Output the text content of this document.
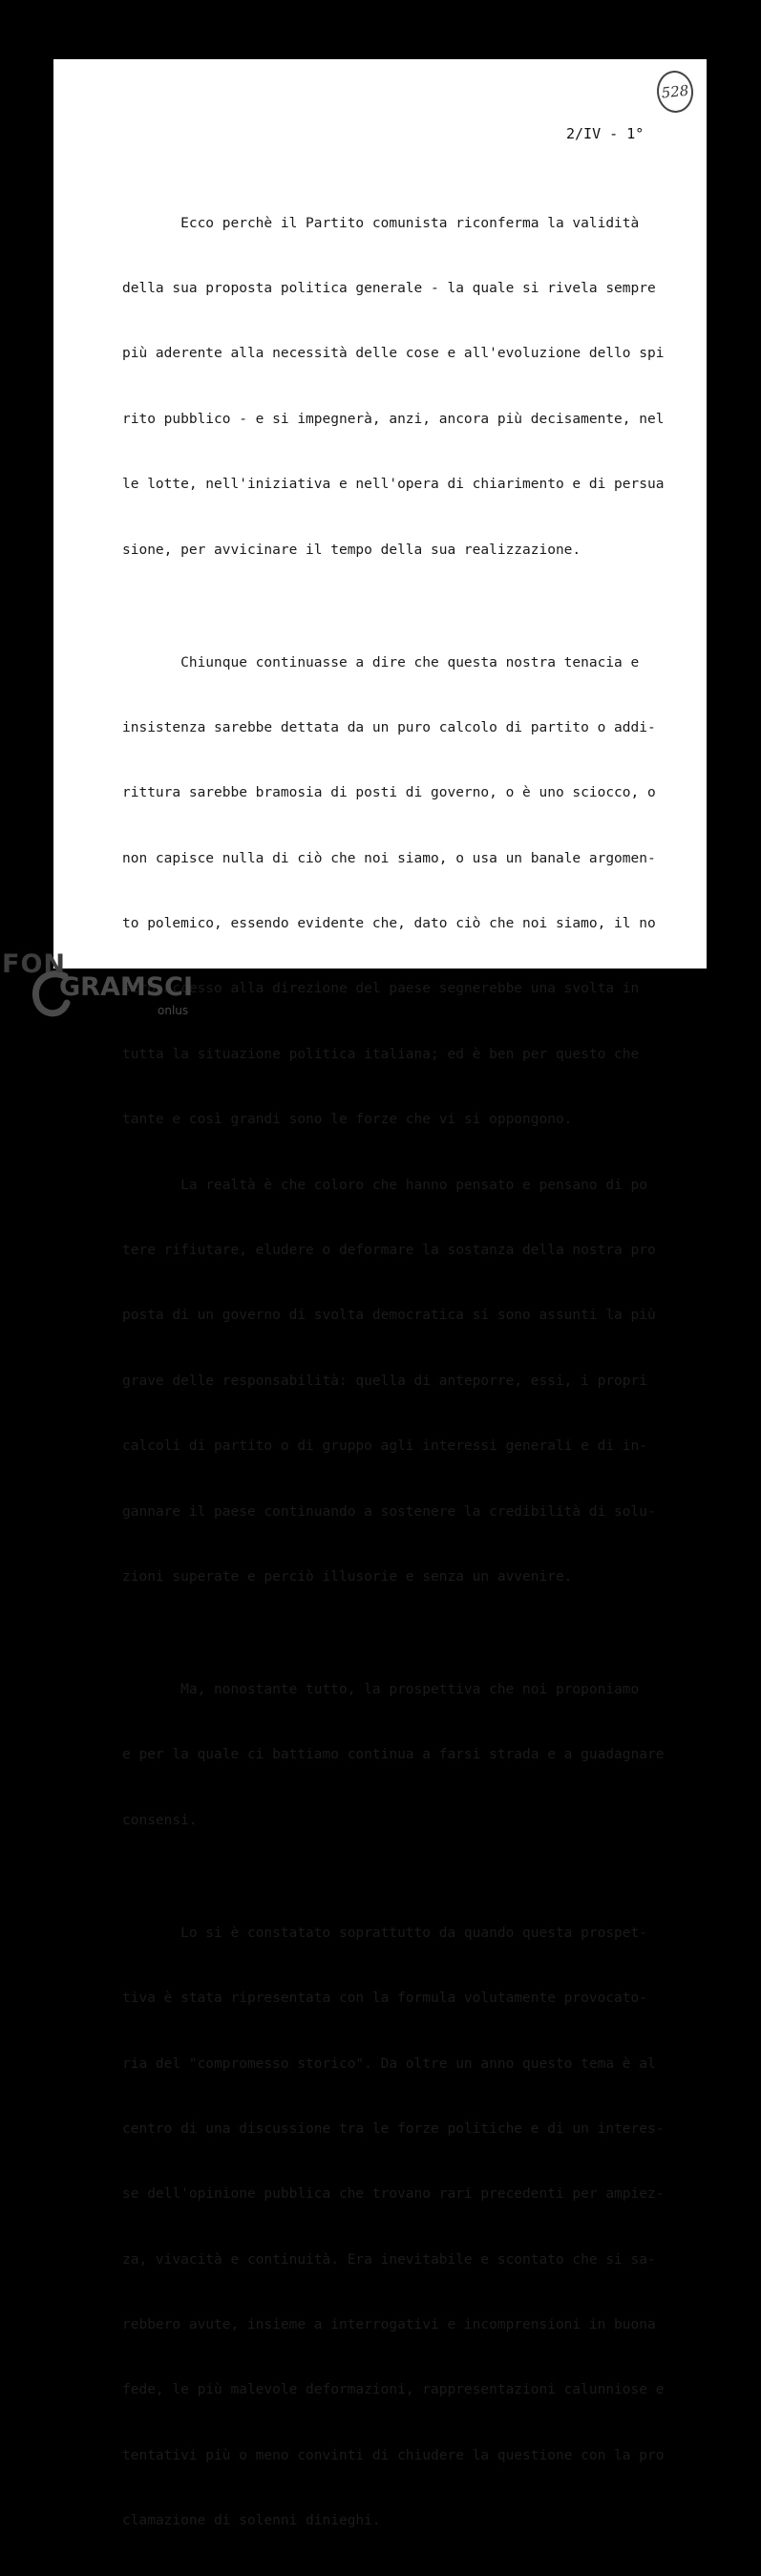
528
2/IV - 1°

Ecco perchè il Partito comunista riconferma la validità

della sua proposta politica generale - la quale si rivela sempre

più aderente alla necessità delle cose e all'evoluzione dello spi

rito pubblico - e si impegnerà, anzi, ancora più decisamente, nel

le lotte, nell'iniziativa e nell'opera di chiarimento e di persua

sione, per avvicinare il tempo della sua realizzazione.

Chiunque continuasse a dire che questa nostra tenacia e

insistenza sarebbe dettata da un puro calcolo di partito o addi-

rittura sarebbe bramosia di posti di governo, o è uno sciocco, o

non capisce nulla di ciò che noi siamo, o usa un banale argomen-

to polemico, essendo evidente che, dato ciò che noi siamo, il no

stro accesso alla direzione del paese segnerebbe una svolta in

tutta la situazione politica italiana; ed è ben per questo che

tante e così grandi sono le forze che vi si oppongono.

La realtà è che coloro che hanno pensato e pensano di po

tere rifiutare, eludere o deformare la sostanza della nostra pro

posta di un governo di svolta democratica si sono assunti la più

grave delle responsabilità: quella di anteporre, essi, i propri

calcoli di partito o di gruppo agli interessi generali e di in-

gannare il paese continuando a sostenere la credibilità di solu-

zioni superate e perciò illusorie e senza un avvenire.

Ma, nonostante tutto, la prospettiva che noi proponiamo

e per la quale ci battiamo continua a farsi strada e a guadagnare

consensi.

Lo si è constatato soprattutto da quando questa prospet-

tiva è stata ripresentata con la formula volutamente provocato-

ria del "compromesso storico". Da oltre un anno questo tema è al

centro di una discussione tra le forze politiche e di un interes-

se dell'opinione pubblica che trovano rari precedenti per ampiez-

za, vivacità e continuità. Era inevitabile e scontato che si sa-

rebbero avute, insieme a interrogativi e incomprensioni in buona

fede, le più malevole deformazioni, rappresentazioni calunniose e

tentativi più o meno convinti di chiudere la questione con la pro

clamazione di solenni dinieghi.

FON
GRAMSCI
onlus
